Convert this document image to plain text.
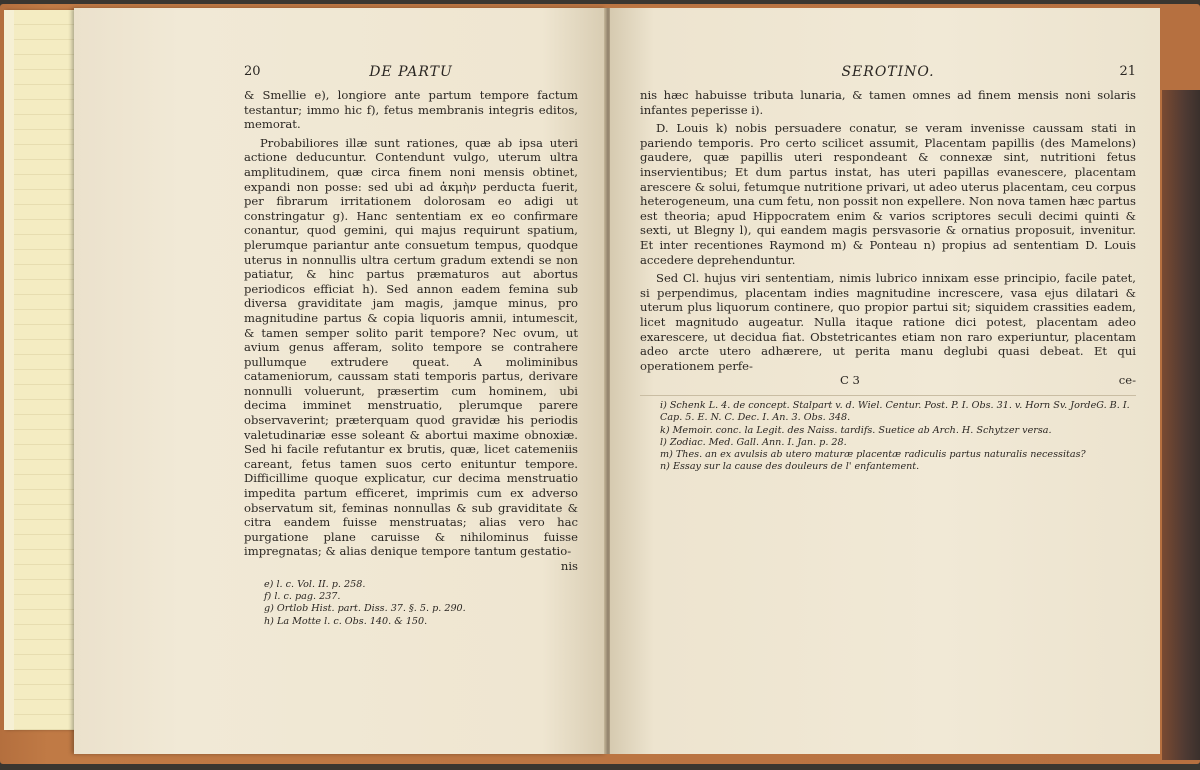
20	DE PARTU

& Smellie e), longiore ante partum tempore factum testantur; immo hic f), fetus membranis integris editos, memorat.

Probabiliores illæ sunt rationes, quæ ab ipsa uteri actione deducuntur. Contendunt vulgo, uterum ultra amplitudinem, quæ circa finem noni mensis obtinet, expandi non posse: sed ubi ad ἀκμὴν perducta fuerit, per fibrarum irritationem dolorosam eo adigi ut constringatur g). Hanc sententiam ex eo confirmare conantur, quod gemini, qui majus requirunt spatium, plerumque pariantur ante consuetum tempus, quodque uterus in nonnullis ultra certum gradum extendi se non patiatur, & hinc partus præmaturos aut abortus periodicos efficiat h). Sed annon eadem femina sub diversa graviditate jam magis, jamque minus, pro magnitudine partus & copia liquoris amnii, intumescit, & tamen semper solito parit tempore? Nec ovum, ut avium genus afferam, solito tempore se contrahere pullumque extrudere queat. A moliminibus catameniorum, caussam stati temporis partus, derivare nonnulli voluerunt, præsertim cum hominem, ubi decima imminet menstruatio, plerumque parere observaverint; præterquam quod gravidæ his periodis valetudinariæ esse soleant & abortui maxime obnoxiæ. Sed hi facile refutantur ex brutis, quæ, licet catemeniis careant, fetus tamen suos certo enituntur tempore. Difficillime quoque explicatur, cur decima menstruatio impedita partum efficeret, imprimis cum ex adverso observatum sit, feminas nonnullas & sub graviditate & citra eandem fuisse menstruatas; alias vero hac purgatione plane caruisse & nihilominus fuisse impregnatas; & alias denique tempore tantum gestatio-

nis
e) l. c. Vol. II. p. 258.
f) l. c. pag. 237.
g) Ortlob Hist. part. Diss. 37. §. 5. p. 290.
h) La Motte l. c. Obs. 140. & 150.
SEROTINO.	21

nis hæc habuisse tributa lunaria, & tamen omnes ad finem mensis noni solaris infantes peperisse i).

D. Louis k) nobis persuadere conatur, se veram invenisse caussam stati in pariendo temporis. Pro certo scilicet assumit, Placentam papillis (des Mamelons) gaudere, quæ papillis uteri respondeant & connexæ sint, nutritioni fetus inservientibus; Et dum partus instat, has uteri papillas evanescere, placentam arescere & solui, fetumque nutritione privari, ut adeo uterus placentam, ceu corpus heterogeneum, una cum fetu, non possit non expellere. Non nova tamen hæc partus est theoria; apud Hippocratem enim & varios scriptores seculi decimi quinti & sexti, ut Blegny l), qui eandem magis persvasorie & ornatius proposuit, invenitur. Et inter recentiones Raymond m) & Ponteau n) propius ad sententiam D. Louis accedere deprehenduntur.

Sed Cl. hujus viri sententiam, nimis lubrico innixam esse principio, facile patet, si perpendimus, placentam indies magnitudine increscere, vasa ejus dilatari & uterum plus liquorum continere, quo propior partui sit; siquidem crassities eadem, licet magnitudo augeatur. Nulla itaque ratione dici potest, placentam adeo exarescere, ut decidua fiat. Obstetricantes etiam non raro experiuntur, placentam adeo arcte utero adhærere, ut perita manu deglubi quasi debeat. Et qui operationem perfe-

C 3	ce-
i) Schenk L. 4. de concept. Stalpart v. d. Wiel. Centur. Post. P. I. Obs. 31. v. Horn Sv. JordeG. B. I. Cap. 5. E. N. C. Dec. I. An. 3. Obs. 348.
k) Memoir. conc. la Legit. des Naiss. tardifs. Suetice ab Arch. H. Schytzer versa.
l) Zodiac. Med. Gall. Ann. I. Jan. p. 28.
m) Thes. an ex avulsis ab utero maturæ placentæ radiculis partus naturalis necessitas?
n) Essay sur la cause des douleurs de l' enfantement.
